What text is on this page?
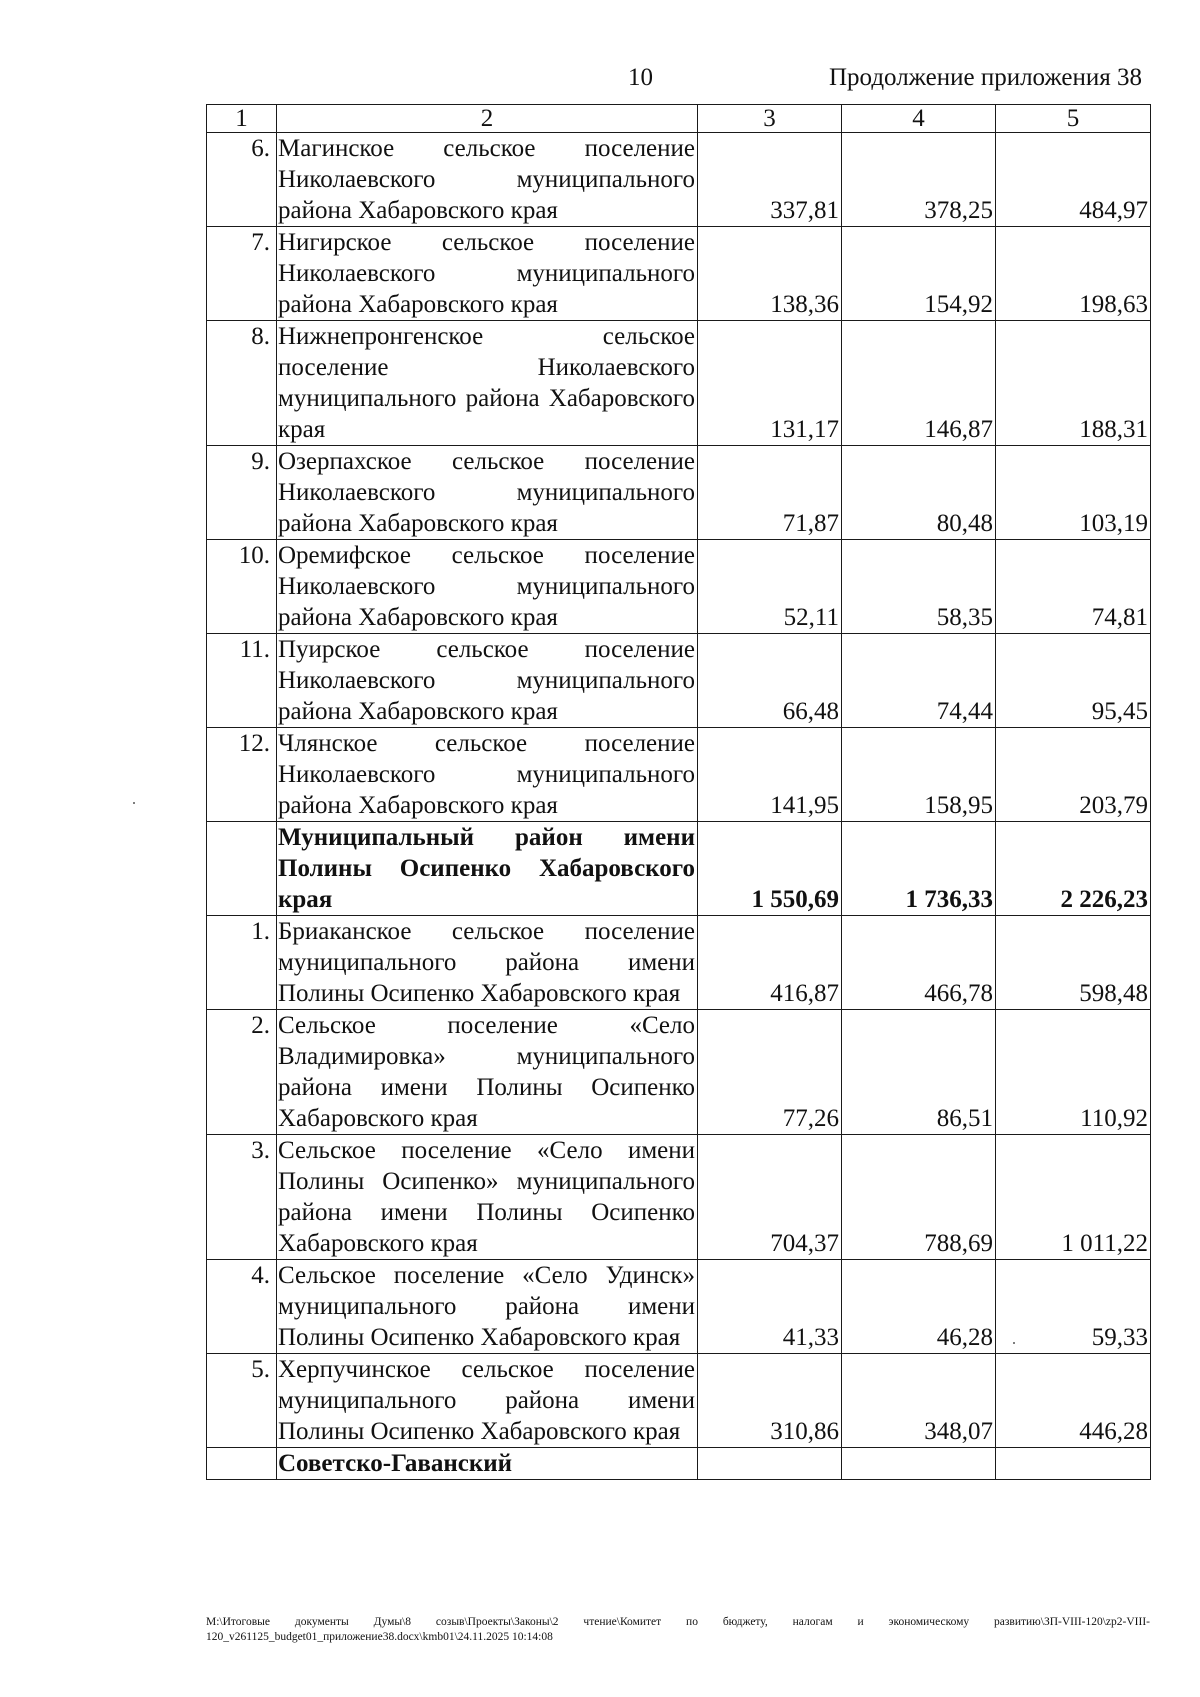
10	Продолжение приложения 38
1	2	3	4	5
6.	Магинское сельское поселение Николаевского муниципального района Хабаровского края	337,81	378,25	484,97
7.	Нигирское сельское поселение Николаевского муниципального района Хабаровского края	138,36	154,92	198,63
8.	Нижнепронгенское сельское поселение Николаевского муниципального района Хабаровского края	131,17	146,87	188,31
9.	Озерпахское сельское поселение Николаевского муниципального района Хабаровского края	71,87	80,48	103,19
10.	Оремифское сельское поселение Николаевского муниципального района Хабаровского края	52,11	58,35	74,81
11.	Пуирское сельское поселение Николаевского муниципального района Хабаровского края	66,48	74,44	95,45
12.	Члянское сельское поселение Николаевского муниципального района Хабаровского края	141,95	158,95	203,79
	Муниципальный район имени Полины Осипенко Хабаровского края	1 550,69	1 736,33	2 226,23
1.	Бриаканское сельское поселение муниципального района имени Полины Осипенко Хабаровского края	416,87	466,78	598,48
2.	Сельское поселение «Село Владимировка» муниципального района имени Полины Осипенко Хабаровского края	77,26	86,51	110,92
3.	Сельское поселение «Село имени Полины Осипенко» муниципального района имени Полины Осипенко Хабаровского края	704,37	788,69	1 011,22
4.	Сельское поселение «Село Удинск» муниципального района имени Полины Осипенко Хабаровского края	41,33	46,28	59,33
5.	Херпучинское сельское поселение муниципального района имени Полины Осипенко Хабаровского края	310,86	348,07	446,28
	Советско-Гаванский			
М:\Итоговые документы Думы\8 созыв\Проекты\Законы\2 чтение\Комитет по бюджету, налогам и экономическому развитию\ЗП-VIII-120\zp2-VIII-120_v261125_budget01_приложение38.docx\kmb01\24.11.2025 10:14:08
